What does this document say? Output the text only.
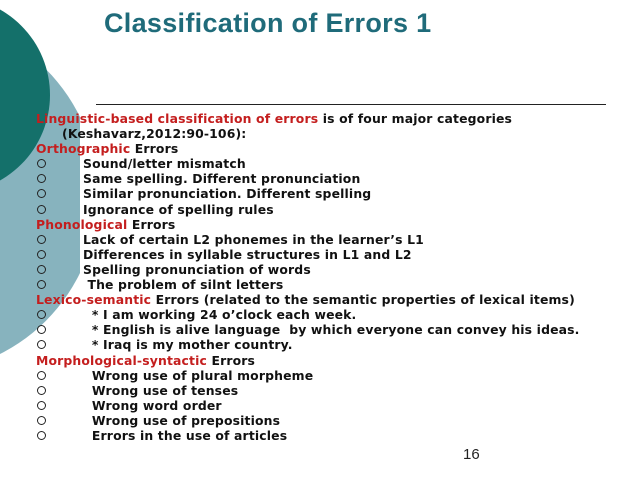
Classification of Errors 1
Linguistic-based classification of errors is of four major categories
(Keshavarz,2012:90-106):
Orthographic Errors
Sound/letter mismatch
Same spelling. Different pronunciation
Similar pronunciation. Different spelling
Ignorance of spelling rules
Phonological Errors
Lack of certain L2 phonemes in the learner’s L1
Differences in syllable structures in L1 and L2
Spelling pronunciation of words
The problem of silnt letters
Lexico-semantic Errors (related to the semantic properties of lexical items)
* I am working 24 o’clock each week.
* English is alive language  by which everyone can convey his ideas.
* Iraq is my mother country.
Morphological-syntactic Errors
Wrong use of plural morpheme
Wrong use of tenses
Wrong word order
Wrong use of prepositions
Errors in the use of articles
16
